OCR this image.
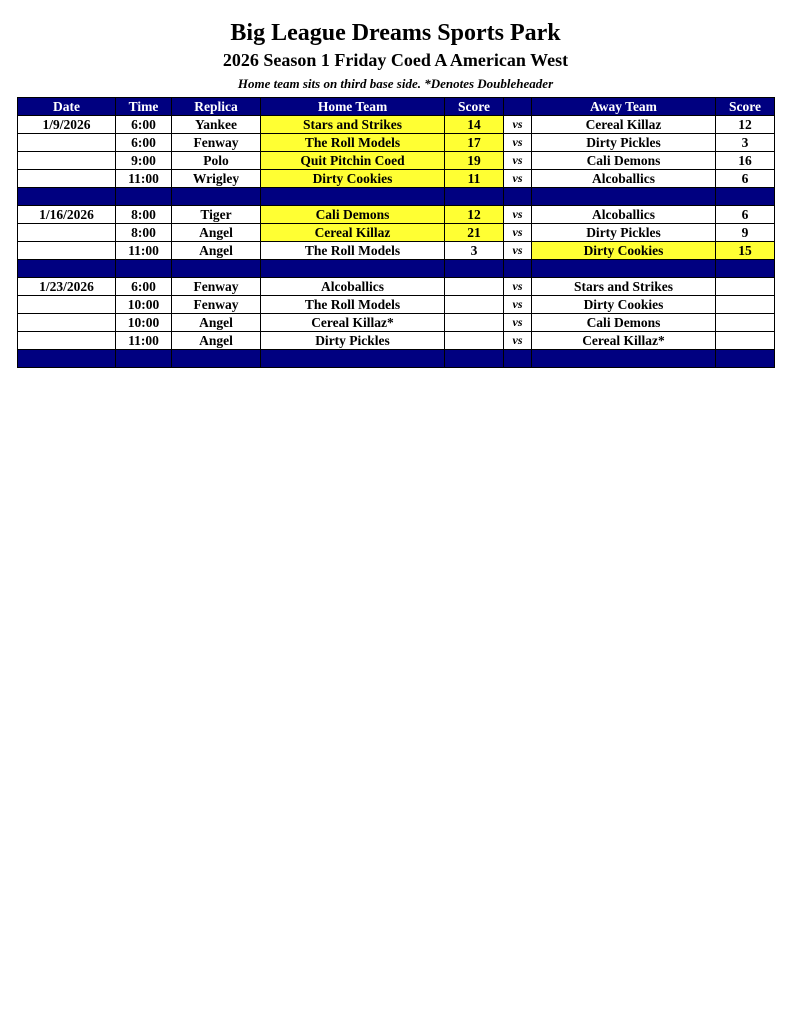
Big League Dreams Sports Park
2026 Season 1 Friday Coed A American West
Home team sits on third base side. *Denotes Doubleheader
Date	Time	Replica	Home Team	Score		Away Team	Score
1/9/2026	6:00	Yankee	Stars and Strikes	14	vs	Cereal Killaz	12
	6:00	Fenway	The Roll Models	17	vs	Dirty Pickles	3
	9:00	Polo	Quit Pitchin Coed	19	vs	Cali Demons	16
	11:00	Wrigley	Dirty Cookies	11	vs	Alcoballics	6

1/16/2026	8:00	Tiger	Cali Demons	12	vs	Alcoballics	6
	8:00	Angel	Cereal Killaz	21	vs	Dirty Pickles	9
	11:00	Angel	The Roll Models	3	vs	Dirty Cookies	15

1/23/2026	6:00	Fenway	Alcoballics		vs	Stars and Strikes	
	10:00	Fenway	The Roll Models		vs	Dirty Cookies	
	10:00	Angel	Cereal Killaz*		vs	Cali Demons	
	11:00	Angel	Dirty Pickles		vs	Cereal Killaz*	
